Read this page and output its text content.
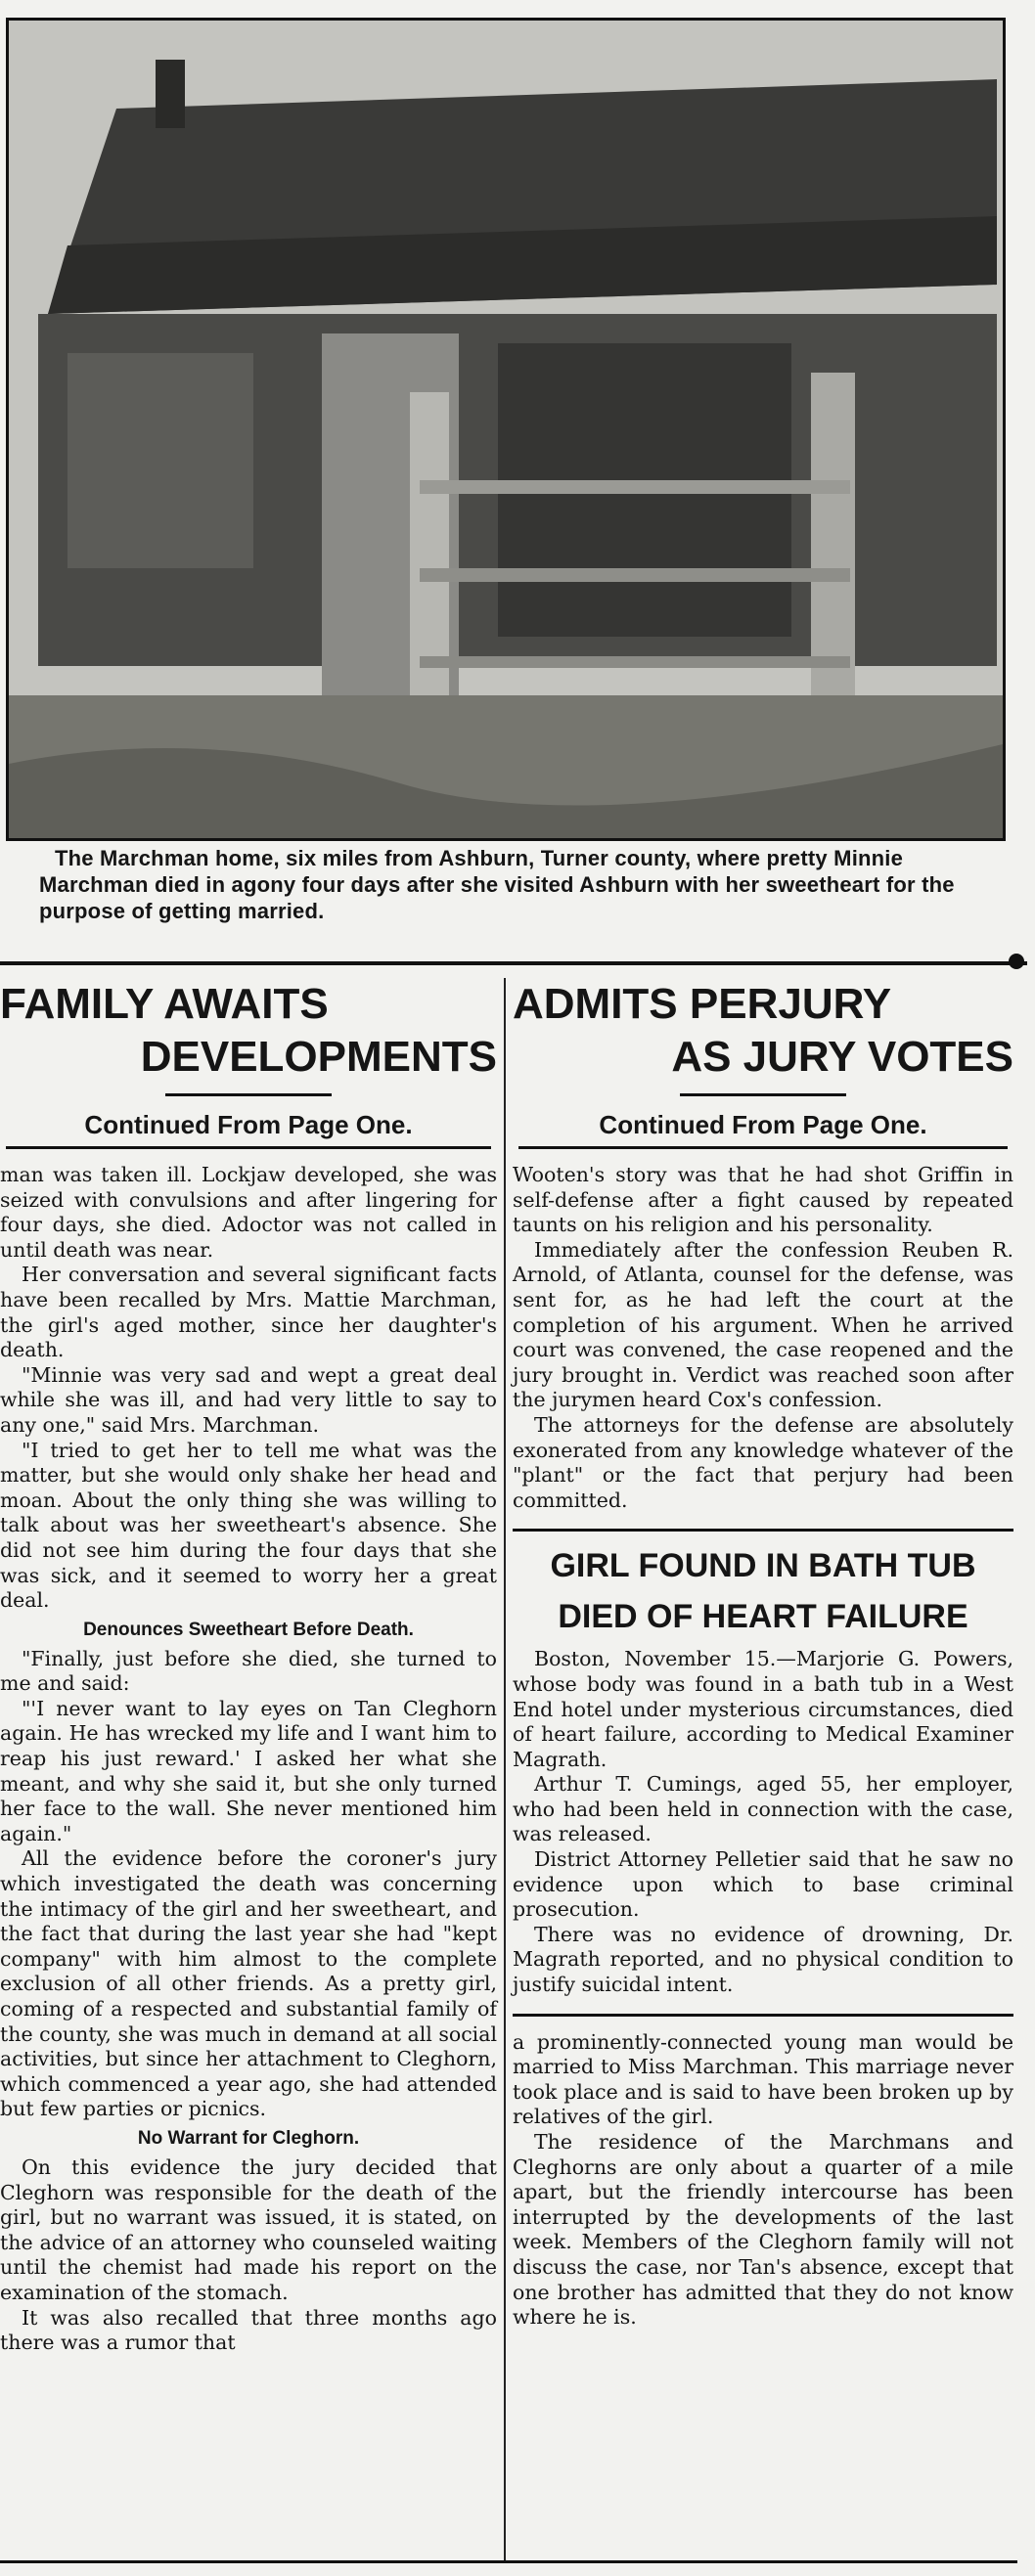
The Marchman home, six miles from Ashburn, Turner county, where pretty Minnie Marchman died in agony four days after she visited Ashburn with her sweetheart for the purpose of getting married.
FAMILY AWAITS
DEVELOPMENTS
Continued From Page One.

man was taken ill. Lockjaw developed, she was seized with convulsions and after lingering for four days, she died. Adoctor was not called in until death was near.

Her conversation and several significant facts have been recalled by Mrs. Mattie Marchman, the girl's aged mother, since her daughter's death.

"Minnie was very sad and wept a great deal while she was ill, and had very little to say to any one," said Mrs. Marchman.

"I tried to get her to tell me what was the matter, but she would only shake her head and moan. About the only thing she was willing to talk about was her sweetheart's absence. She did not see him during the four days that she was sick, and it seemed to worry her a great deal.

Denounces Sweetheart Before Death.

"Finally, just before she died, she turned to me and said:

"'I never want to lay eyes on Tan Cleghorn again. He has wrecked my life and I want him to reap his just reward.' I asked her what she meant, and why she said it, but she only turned her face to the wall. She never mentioned him again."

All the evidence before the coroner's jury which investigated the death was concerning the intimacy of the girl and her sweetheart, and the fact that during the last year she had "kept company" with him almost to the complete exclusion of all other friends. As a pretty girl, coming of a respected and substantial family of the county, she was much in demand at all social activities, but since her attachment to Cleghorn, which commenced a year ago, she had attended but few parties or picnics.

No Warrant for Cleghorn.

On this evidence the jury decided that Cleghorn was responsible for the death of the girl, but no warrant was issued, it is stated, on the advice of an attorney who counseled waiting until the chemist had made his report on the examination of the stomach.

It was also recalled that three months ago there was a rumor that

ADMITS PERJURY
AS JURY VOTES
Continued From Page One.

Wooten's story was that he had shot Griffin in self-defense after a fight caused by repeated taunts on his religion and his personality.

Immediately after the confession Reuben R. Arnold, of Atlanta, counsel for the defense, was sent for, as he had left the court at the completion of his argument. When he arrived court was convened, the case reopened and the jury brought in. Verdict was reached soon after the jurymen heard Cox's confession.

The attorneys for the defense are absolutely exonerated from any knowledge whatever of the "plant" or the fact that perjury had been committed.

GIRL FOUND IN BATH TUB
DIED OF HEART FAILURE

Boston, November 15.—Marjorie G. Powers, whose body was found in a bath tub in a West End hotel under mysterious circumstances, died of heart failure, according to Medical Examiner Magrath.

Arthur T. Cumings, aged 55, her employer, who had been held in connection with the case, was released.

District Attorney Pelletier said that he saw no evidence upon which to base criminal prosecution.

There was no evidence of drowning, Dr. Magrath reported, and no physical condition to justify suicidal intent.

a prominently-connected young man would be married to Miss Marchman. This marriage never took place and is said to have been broken up by relatives of the girl.

The residence of the Marchmans and Cleghorns are only about a quarter of a mile apart, but the friendly intercourse has been interrupted by the developments of the last week. Members of the Cleghorn family will not discuss the case, nor Tan's absence, except that one brother has admitted that they do not know where he is.
